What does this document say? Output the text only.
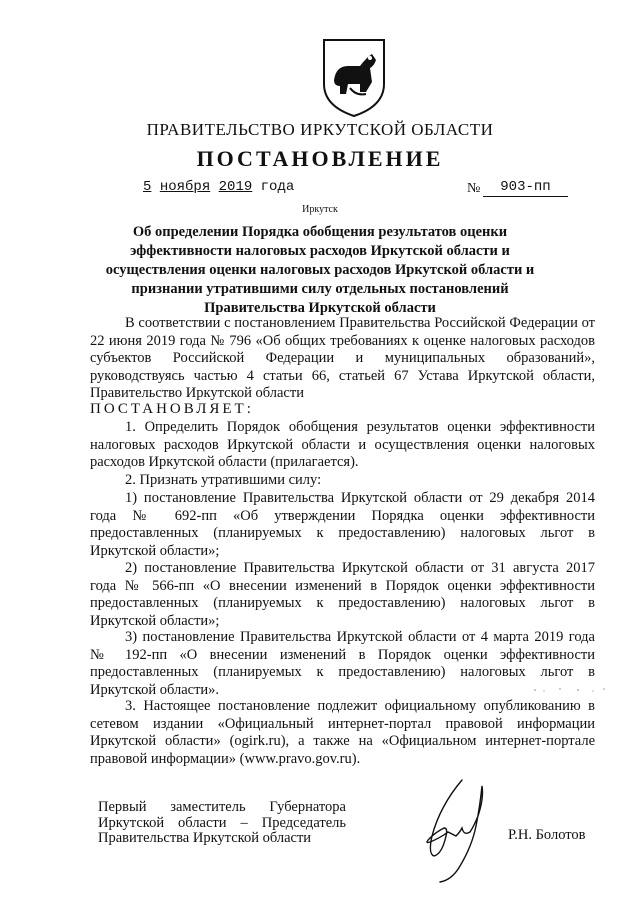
ПРАВИТЕЛЬСТВО ИРКУТСКОЙ ОБЛАСТИ
ПОСТАНОВЛЕНИЕ
5 ноября 2019 года	№	903-пп
Иркутск
Об определении Порядка обобщения результатов оценки эффективности налоговых расходов Иркутской области и осуществления оценки налоговых расходов Иркутской области и признании утратившими силу отдельных постановлений Правительства Иркутской области
В соответствии с постановлением Правительства Российской Федерации от 22 июня 2019 года № 796 «Об общих требованиях к оценке налоговых расходов субъектов Российской Федерации и муниципальных образований», руководствуясь частью 4 статьи 66, статьей 67 Устава Иркутской области, Правительство Иркутской области
ПОСТАНОВЛЯЕТ:
1. Определить Порядок обобщения результатов оценки эффективности налоговых расходов Иркутской области и осуществления оценки налоговых расходов Иркутской области (прилагается).
2. Признать утратившими силу:
1) постановление Правительства Иркутской области от 29 декабря 2014 года № 692-пп «Об утверждении Порядка оценки эффективности предоставленных (планируемых к предоставлению) налоговых льгот в Иркутской области»;
2) постановление Правительства Иркутской области от 31 августа 2017 года № 566-пп «О внесении изменений в Порядок оценки эффективности предоставленных (планируемых к предоставлению) налоговых льгот в Иркутской области»;
3) постановление Правительства Иркутской области от 4 марта 2019 года № 192-пп «О внесении изменений в Порядок оценки эффективности предоставленных (планируемых к предоставлению) налоговых льгот в Иркутской области».
3. Настоящее постановление подлежит официальному опубликованию в сетевом издании «Официальный интернет-портал правовой информации Иркутской области» (ogirk.ru), а также на «Официальном интернет-портале правовой информации» (www.pravo.gov.ru).
Первый заместитель Губернатора
Иркутской области – Председатель
Правительства Иркутской области	Р.Н. Болотов
